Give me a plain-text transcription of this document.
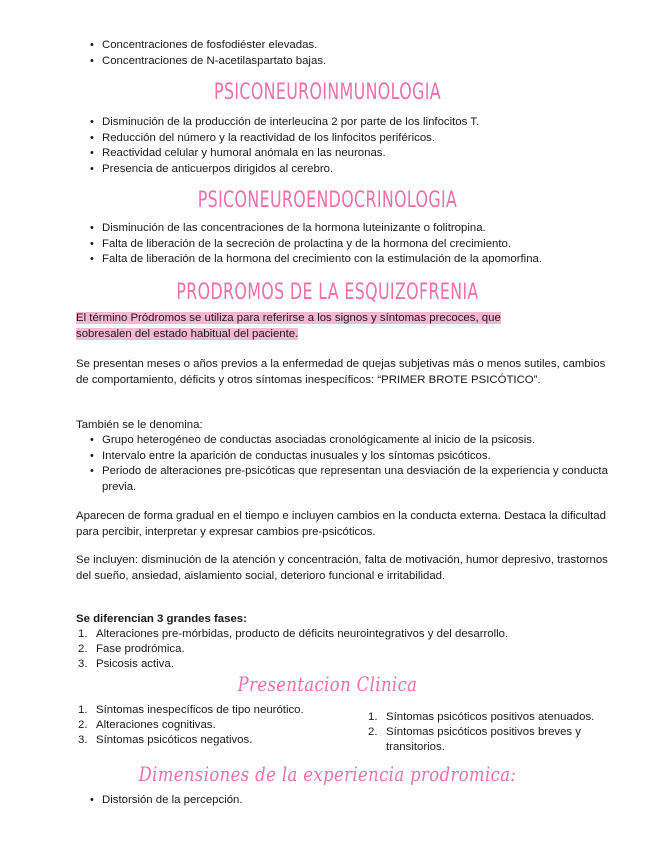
• Concentraciones de fosfodiéster elevadas.
• Concentraciones de N-acetilaspartato bajas.
PSICONEUROINMUNOLOGIA
• Disminución de la producción de interleucina 2 por parte de los linfocitos T.
• Reducción del número y la reactividad de los linfocitos periféricos.
• Reactividad celular y humoral anómala en las neuronas.
• Presencia de anticuerpos dirigidos al cerebro.
PSICONEUROENDOCRINOLOGIA
• Disminución de las concentraciones de la hormona luteinizante o folitropina.
• Falta de liberación de la secreción de prolactina y de la hormona del crecimiento.
• Falta de liberación de la hormona del crecimiento con la estimulación de la apomorfina.
PRODROMOS DE LA ESQUIZOFRENIA

El término Pródromos se utiliza para referirse a los signos y síntomas precoces, que

sobresalen del estado habitual del paciente.

Se presentan meses o años previos a la enfermedad de quejas subjetivas más o menos sutiles, cambios de comportamiento, déficits y otros síntomas inespecíficos: “PRIMER BROTE PSICÓTICO”.

También se le denomina:

• Grupo heterogéneo de conductas asociadas cronológicamente al inicio de la psicosis.
• Intervalo entre la aparición de conductas inusuales y los síntomas psicóticos.
• Periodo de alteraciones pre-psicóticas que representan una desviación de la experiencia y conducta previa.

Aparecen de forma gradual en el tiempo e incluyen cambios en la conducta externa. Destaca la dificultad para percibir, interpretar y expresar cambios pre-psicóticos.

Se incluyen: disminución de la atención y concentración, falta de motivación, humor depresivo, trastornos del sueño, ansiedad, aislamiento social, deterioro funcional e irritabilidad.

Se diferencian 3 grandes fases:

1. Alteraciones pre-mórbidas, producto de déficits neurointegrativos y del desarrollo.
2. Fase prodrómica.
3. Psicosis activa.
Presentacion Clinica
1. Síntomas inespecíficos de tipo neurótico.
2. Alteraciones cognitivas.
3. Síntomas psicóticos negativos.
1. Síntomas psicóticos positivos atenuados.
2. Síntomas psicóticos positivos breves y transitorios.
Dimensiones de la experiencia prodromica:
• Distorsión de la percepción.
